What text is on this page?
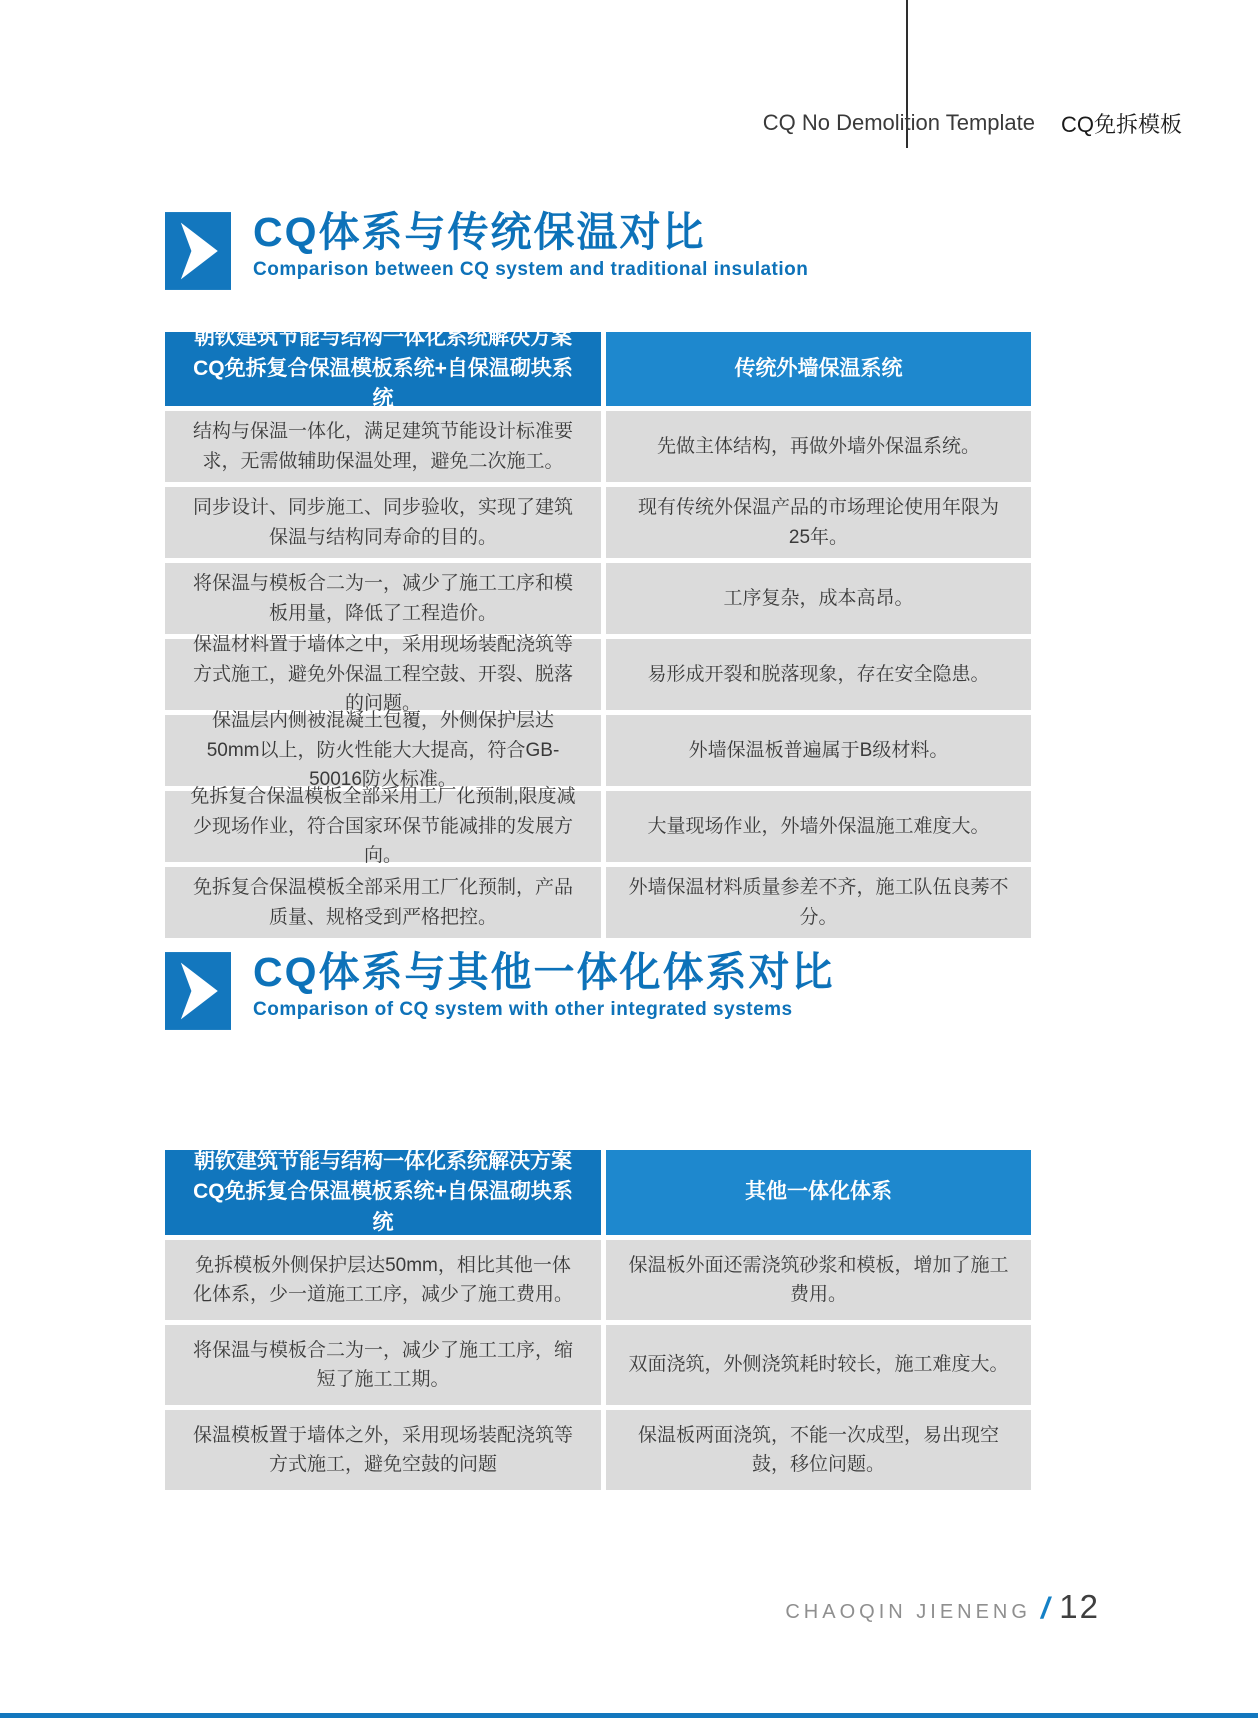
CQ No Demolition Template CQ免拆模板
CQ体系与传统保温对比
Comparison between CQ system and traditional insulation
朝钦建筑节能与结构一体化系统解决方案
CQ免拆复合保温模板系统+自保温砌块系统
传统外墙保温系统
结构与保温一体化，满足建筑节能设计标准要求，无需做辅助保温处理，避免二次施工。
先做主体结构，再做外墙外保温系统。
同步设计、同步施工、同步验收，实现了建筑保温与结构同寿命的目的。
现有传统外保温产品的市场理论使用年限为25年。
将保温与模板合二为一，减少了施工工序和模板用量，降低了工程造价。
工序复杂，成本高昂。
保温材料置于墙体之中，采用现场装配浇筑等方式施工，避免外保温工程空鼓、开裂、脱落的问题。
易形成开裂和脱落现象，存在安全隐患。
保温层内侧被混凝土包覆，外侧保护层达50mm以上，防火性能大大提高，符合GB-50016防火标准。
外墙保温板普遍属于B级材料。
免拆复合保温模板全部采用工厂化预制,限度减少现场作业，符合国家环保节能减排的发展方向。
大量现场作业，外墙外保温施工难度大。
免拆复合保温模板全部采用工厂化预制，产品质量、规格受到严格把控。
外墙保温材料质量参差不齐，施工队伍良莠不分。
CQ体系与其他一体化体系对比
Comparison of CQ system with other integrated systems
朝钦建筑节能与结构一体化系统解决方案
CQ免拆复合保温模板系统+自保温砌块系统
其他一体化体系
免拆模板外侧保护层达50mm，相比其他一体化体系，少一道施工工序，减少了施工费用。
保温板外面还需浇筑砂浆和模板，增加了施工费用。
将保温与模板合二为一，减少了施工工序，缩短了施工工期。
双面浇筑，外侧浇筑耗时较长，施工难度大。
保温模板置于墙体之外，采用现场装配浇筑等方式施工，避免空鼓的问题
保温板两面浇筑，不能一次成型，易出现空鼓，移位问题。
CHAOQIN JIENENG / 12
